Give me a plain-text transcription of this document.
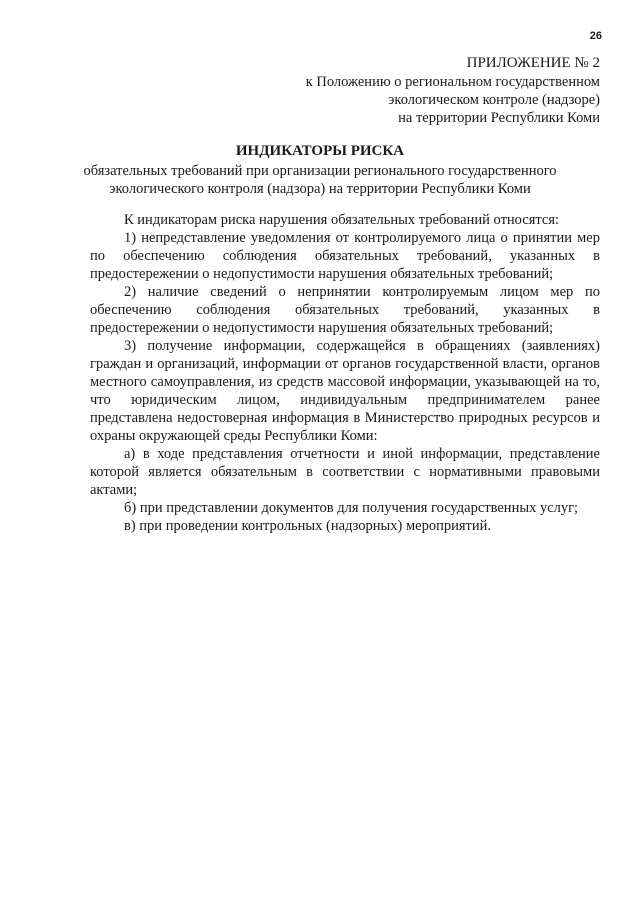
26
ПРИЛОЖЕНИЕ № 2
к Положению о региональном государственном
экологическом контроле (надзоре)
на территории Республики Коми
ИНДИКАТОРЫ РИСКА
обязательных требований при организации регионального государственного
экологического контроля (надзора) на территории Республики Коми

К индикаторам риска нарушения обязательных требований относятся:

1) непредставление уведомления от контролируемого лица о принятии мер по обеспечению соблюдения обязательных требований, указанных в предостережении о недопустимости нарушения обязательных требований;

2) наличие сведений о непринятии контролируемым лицом мер по обеспечению соблюдения обязательных требований, указанных в предостережении о недопустимости нарушения обязательных требований;

3) получение информации, содержащейся в обращениях (заявлениях) граждан и организаций, информации от органов государственной власти, органов местного самоуправления, из средств массовой информации, указывающей на то, что юридическим лицом, индивидуальным предпринимателем ранее представлена недостоверная информация в Министерство природных ресурсов и охраны окружающей среды Республики Коми:

а) в ходе представления отчетности и иной информации, представление которой является обязательным в соответствии с нормативными правовыми актами;

б) при представлении документов для получения государственных услуг;

в) при проведении контрольных (надзорных) мероприятий.
